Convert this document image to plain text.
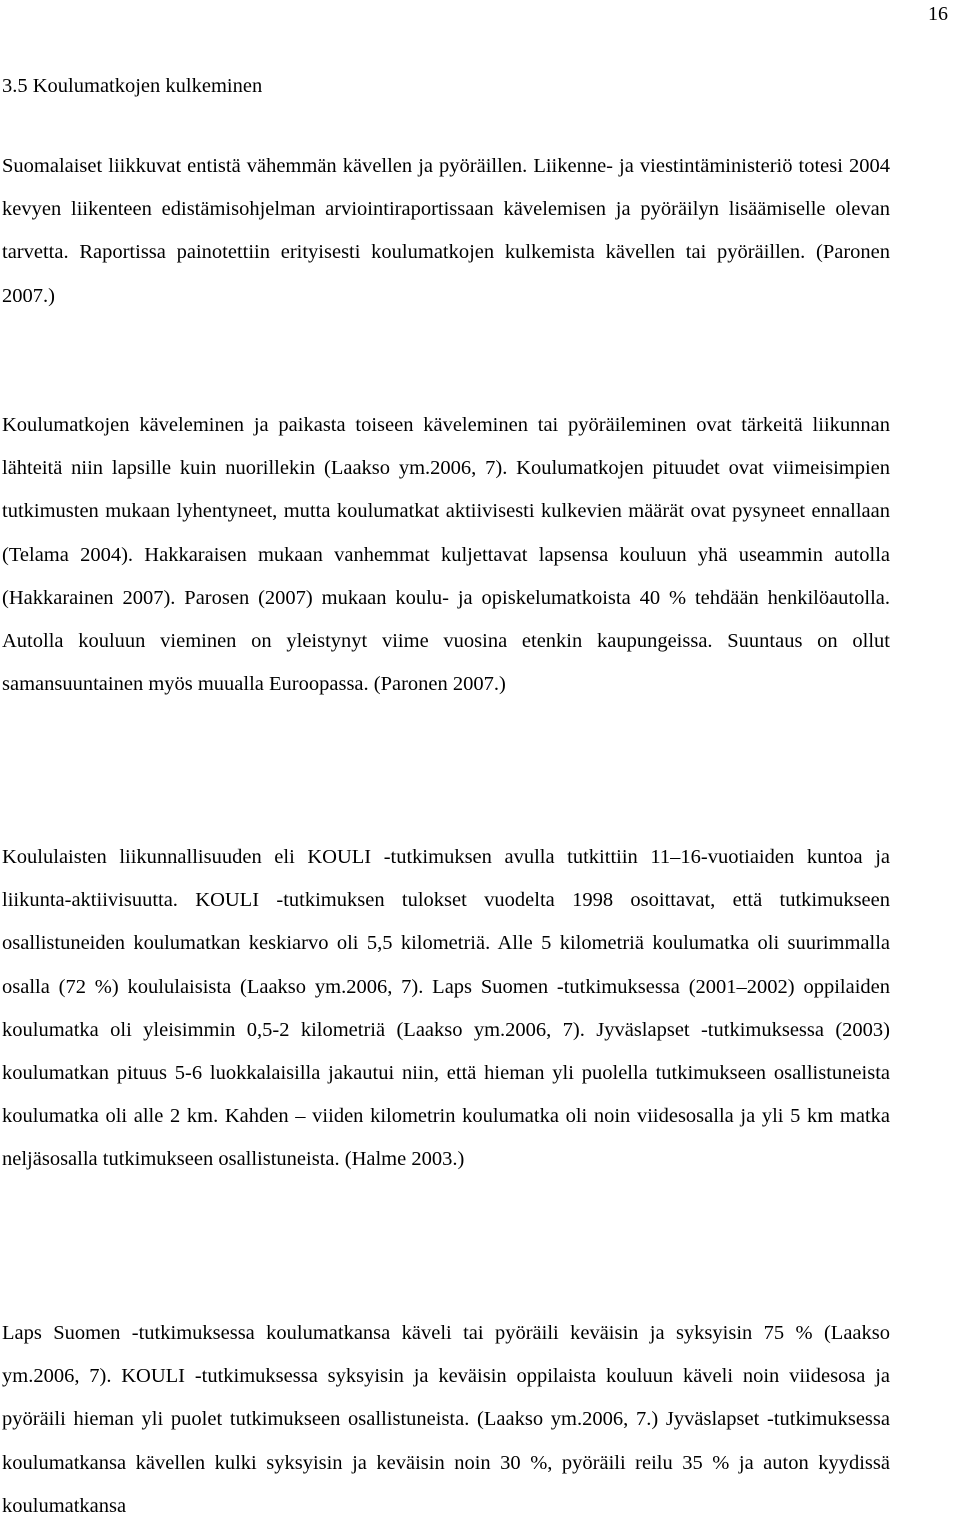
16
3.5 Koulumatkojen kulkeminen

Suomalaiset liikkuvat entistä vähemmän kävellen ja pyöräillen. Liikenne- ja viestintäministeriö totesi 2004 kevyen liikenteen edistämisohjelman arviointiraportissaan kävelemisen ja pyöräilyn lisäämiselle olevan tarvetta. Raportissa painotettiin erityisesti koulumatkojen kulkemista kävellen tai pyöräillen. (Paronen 2007.)

Koulumatkojen käveleminen ja paikasta toiseen käveleminen tai pyöräileminen ovat tärkeitä liikunnan lähteitä niin lapsille kuin nuorillekin (Laakso ym.2006, 7). Koulumatkojen pituudet ovat viimeisimpien tutkimusten mukaan lyhentyneet, mutta koulumatkat aktiivisesti kulkevien määrät ovat pysyneet ennallaan (Telama 2004). Hakkaraisen mukaan vanhemmat kuljettavat lapsensa kouluun yhä useammin autolla (Hakkarainen 2007). Parosen (2007) mukaan koulu- ja opiskelumatkoista 40 % tehdään henkilöautolla. Autolla kouluun vieminen on yleistynyt viime vuosina etenkin kaupungeissa. Suuntaus on ollut samansuuntainen myös muualla Euroopassa. (Paronen 2007.)

Koululaisten liikunnallisuuden eli KOULI -tutkimuksen avulla tutkittiin 11–16-vuotiaiden kuntoa ja liikunta-aktiivisuutta. KOULI -tutkimuksen tulokset vuodelta 1998 osoittavat, että tutkimukseen osallistuneiden koulumatkan keskiarvo oli 5,5 kilometriä. Alle 5 kilometriä koulumatka oli suurimmalla osalla (72 %) koululaisista (Laakso ym.2006, 7). Laps Suomen -tutkimuksessa (2001–2002) oppilaiden koulumatka oli yleisimmin 0,5-2 kilometriä (Laakso ym.2006, 7). Jyväslapset -tutkimuksessa (2003) koulumatkan pituus 5-6 luokkalaisilla jakautui niin, että hieman yli puolella tutkimukseen osallistuneista koulumatka oli alle 2 km. Kahden – viiden kilometrin koulumatka oli noin viidesosalla ja yli 5 km matka neljäsosalla tutkimukseen osallistuneista. (Halme 2003.)

Laps Suomen -tutkimuksessa koulumatkansa käveli tai pyöräili keväisin ja syksyisin 75 % (Laakso ym.2006, 7). KOULI -tutkimuksessa syksyisin ja keväisin oppilaista kouluun käveli noin viidesosa ja pyöräili hieman yli puolet tutkimukseen osallistuneista. (Laakso ym.2006, 7.) Jyväslapset -tutkimuksessa koulumatkansa kävellen kulki syksyisin ja keväisin noin 30 %, pyöräili reilu 35 % ja auton kyydissä koulumatkansa
